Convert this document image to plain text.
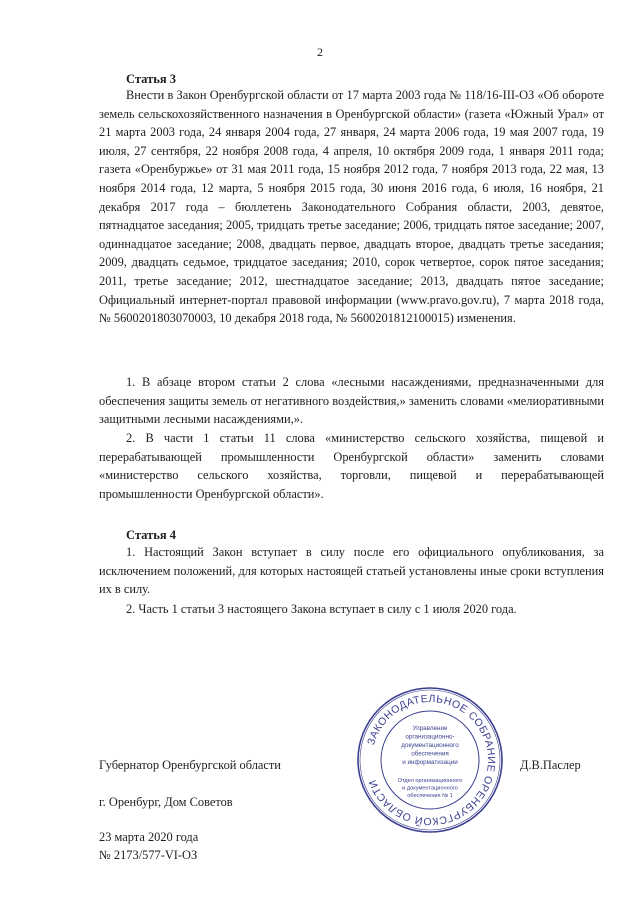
2
Статья 3

Внести в Закон Оренбургской области от 17 марта 2003 года № 118/16-III-ОЗ «Об обороте земель сельскохозяйственного назначения в Оренбургской области» (газета «Южный Урал» от 21 марта 2003 года, 24 января 2004 года, 27 января, 24 марта 2006 года, 19 мая 2007 года, 19 июля, 27 сентября, 22 ноября 2008 года, 4 апреля, 10 октября 2009 года, 1 января 2011 года; газета «Оренбуржье» от 31 мая 2011 года, 15 ноября 2012 года, 7 ноября 2013 года, 22 мая, 13 ноября 2014 года, 12 марта, 5 ноября 2015 года, 30 июня 2016 года, 6 июля, 16 ноября, 21 декабря 2017 года – бюллетень Законодательного Собрания области, 2003, девятое, пятнадцатое заседания; 2005, тридцать третье заседание; 2006, тридцать пятое заседание; 2007, одиннадцатое заседание; 2008, двадцать первое, двадцать второе, двадцать третье заседания; 2009, двадцать седьмое, тридцатое заседания; 2010, сорок четвертое, сорок пятое заседания; 2011, третье заседание; 2012, шестнадцатое заседание; 2013, двадцать пятое заседание; Официальный интернет-портал правовой информации (www.pravo.gov.ru), 7 марта 2018 года, № 5600201803070003, 10 декабря 2018 года, № 5600201812100015) изменения.

1. В абзаце втором статьи 2 слова «лесными насаждениями, предназначенными для обеспечения защиты земель от негативного воздействия,» заменить словами «мелиоративными защитными лесными насаждениями,».

2. В части 1 статьи 11 слова «министерство сельского хозяйства, пищевой и перерабатывающей промышленности Оренбургской области» заменить словами «министерство сельского хозяйства, торговли, пищевой и перерабатывающей промышленности Оренбургской области».

Статья 4

1. Настоящий Закон вступает в силу после его официального опубликования, за исключением положений, для которых настоящей статьей установлены иные сроки вступления их в силу.

2. Часть 1 статьи 3 настоящего Закона вступает в силу с 1 июля 2020 года.

ЗАКОНОДАТЕЛЬНОЕ СОБРАНИЕ ОРЕНБУРГСКОЙ ОБЛАСТИ
Управление
организационно-
документационного
обеспечения
и информатизации
Отдел организационного
и документационного
обеспечения № 1
Губернатор Оренбургской области	Д.В.Паслер
г. Оренбург, Дом Советов
23 марта 2020 года
№ 2173/577-VI-ОЗ
